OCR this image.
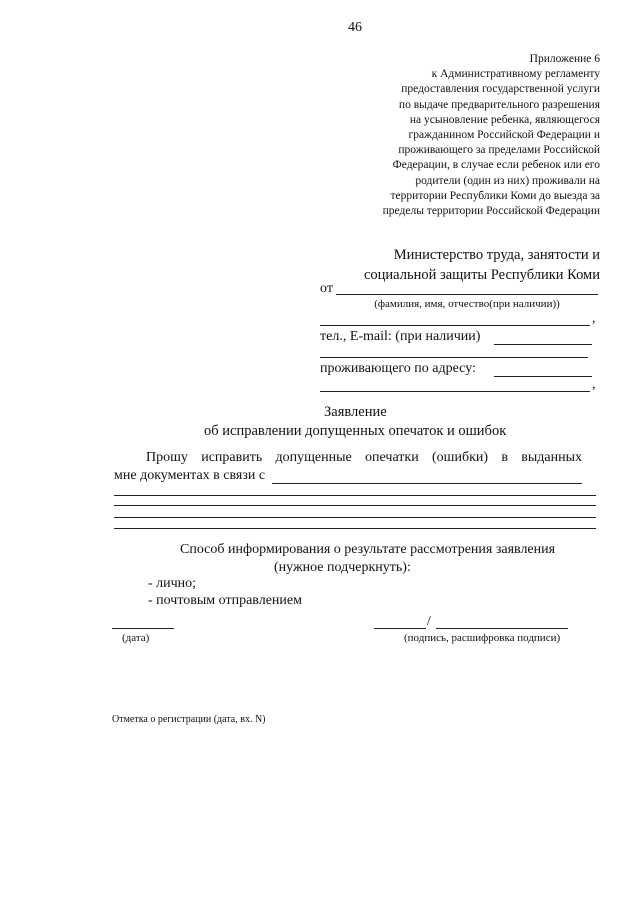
46
Приложение 6
к Административному регламенту
предоставления государственной услуги
по выдаче предварительного разрешения
на усыновление ребенка, являющегося
гражданином Российской Федерации и
проживающего за пределами Российской
Федерации, в случае если ребенок или его
родители (один из них) проживали на
территории Республики Коми до выезда за
пределы территории Российской Федерации
Министерство труда, занятости и
социальной защиты Республики Коми
от
(фамилия, имя, отчество(при наличии))
,
тел., E-mail: (при наличии)
проживающего по адресу:
,
Заявление
об исправлении допущенных опечаток и ошибок
Прошу исправить допущенные опечатки (ошибки) в выданных
мне документах в связи с
Способ информирования о результате рассмотрения заявления
(нужное подчеркнуть):
- лично;
- почтовым отправлением
(дата)
/
(подпись, расшифровка подписи)
Отметка о регистрации (дата, вх. N)
